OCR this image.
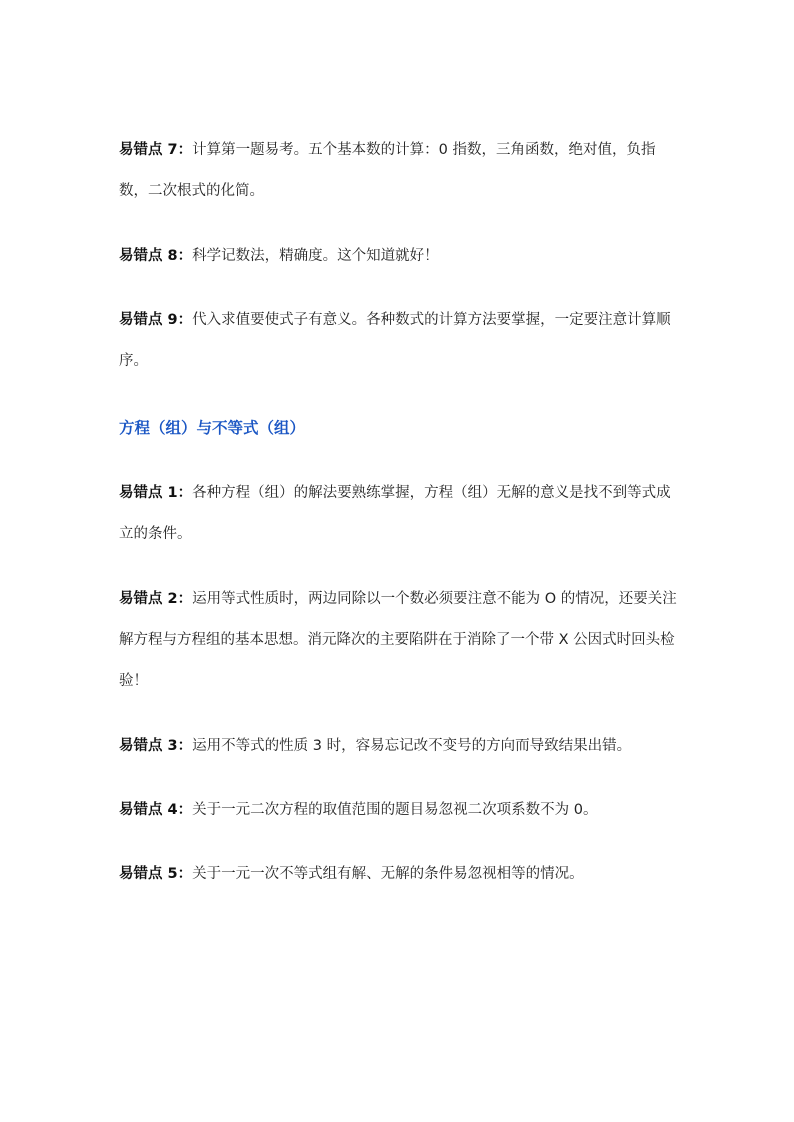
易错点 7：计算第一题易考。五个基本数的计算：0 指数，三角函数，绝对值，负指数，二次根式的化简。

易错点 8：科学记数法，精确度。这个知道就好！

易错点 9：代入求值要使式子有意义。各种数式的计算方法要掌握，一定要注意计算顺序。

方程（组）与不等式（组）

易错点 1：各种方程（组）的解法要熟练掌握，方程（组）无解的意义是找不到等式成立的条件。

易错点 2：运用等式性质时，两边同除以一个数必须要注意不能为 O 的情况，还要关注解方程与方程组的基本思想。消元降次的主要陷阱在于消除了一个带 X 公因式时回头检验！

易错点 3：运用不等式的性质 3 时，容易忘记改不变号的方向而导致结果出错。

易错点 4：关于一元二次方程的取值范围的题目易忽视二次项系数不为 0。

易错点 5：关于一元一次不等式组有解、无解的条件易忽视相等的情况。
